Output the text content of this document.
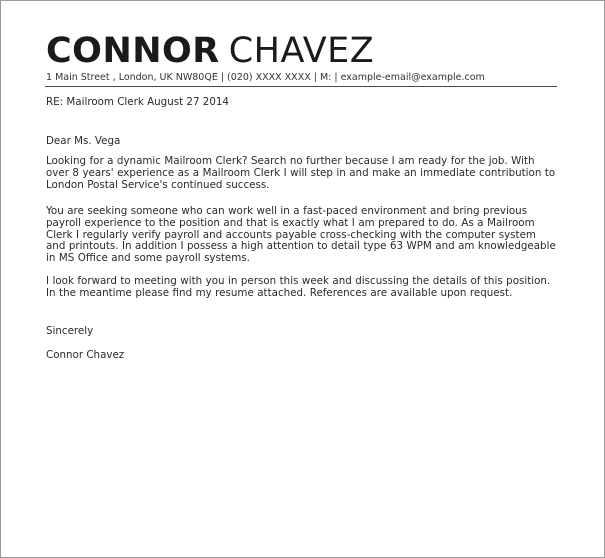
CONNOR CHAVEZ
1 Main Street , London, UK NW80QE | (020) XXXX XXXX | M: | example-email@example.com
RE: Mailroom Clerk August 27 2014
Dear Ms. Vega
Looking for a dynamic Mailroom Clerk? Search no further because I am ready for the job. With over 8 years' experience as a Mailroom Clerk I will step in and make an immediate contribution to London Postal Service's continued success.
You are seeking someone who can work well in a fast-paced environment and bring previous payroll experience to the position and that is exactly what I am prepared to do. As a Mailroom Clerk I regularly verify payroll and accounts payable cross-checking with the computer system and printouts. In addition I possess a high attention to detail type 63 WPM and am knowledgeable in MS Office and some payroll systems.
I look forward to meeting with you in person this week and discussing the details of this position. In the meantime please find my resume attached. References are available upon request.
Sincerely
Connor Chavez
